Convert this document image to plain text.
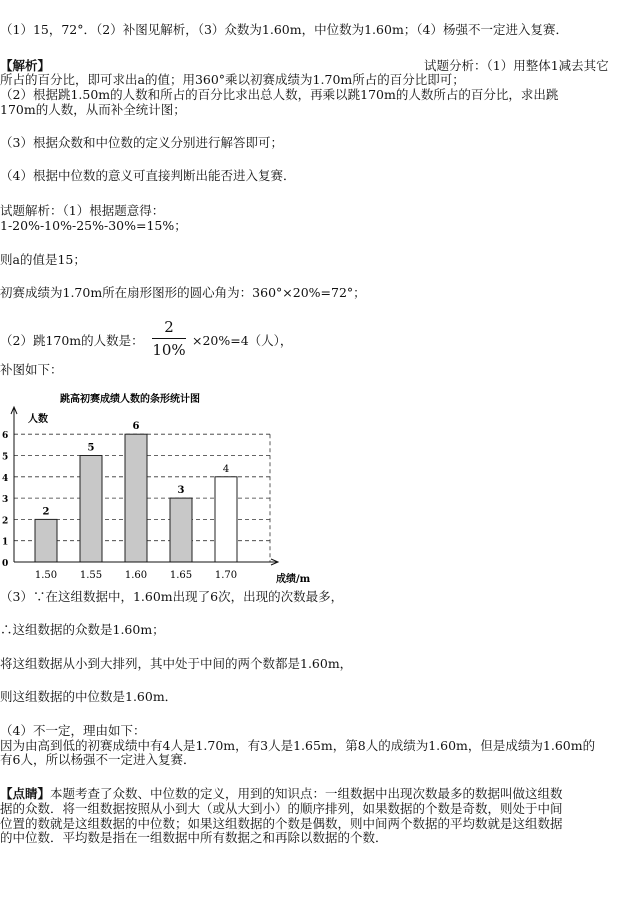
（1）15，72°．（2）补图见解析，（3）众数为1.60m，中位数为1.60m；（4）杨强不一定进入复赛．
【解析】	试题分析：（1）用整体1减去其它
所占的百分比，即可求出a的值；用360°乘以初赛成绩为1.70m所占的百分比即可；
（2）根据跳1.50m的人数和所占的百分比求出总人数，再乘以跳170m的人数所占的百分比，求出跳
170m的人数，从而补全统计图；
（3）根据众数和中位数的定义分别进行解答即可；
（4）根据中位数的意义可直接判断出能否进入复赛．
试题解析：（1）根据题意得：
1-20%-10%-25%-30%=15%；
则a的值是15；
初赛成绩为1.70m所在扇形图形的圆心角为：360°×20%=72°；
（2）跳170m的人数是：
2
10%
×20%=4（人），
补图如下：
跳高初赛成绩人数的条形统计图
人数
0
1
2
3
4
5
6
1.50 1.55 1.60 1.65 1.70
2
5
6
3
4
成绩/m
（3）∵在这组数据中，1.60m出现了6次，出现的次数最多，
∴这组数据的众数是1.60m；
将这组数据从小到大排列，其中处于中间的两个数都是1.60m，
则这组数据的中位数是1.60m．
（4）不一定，理由如下：
因为由高到低的初赛成绩中有4人是1.70m，有3人是1.65m，第8人的成绩为1.60m，但是成绩为1.60m的
有6人，所以杨强不一定进入复赛．
【点睛】本题考查了众数、中位数的定义，用到的知识点：一组数据中出现次数最多的数据叫做这组数
据的众数．将一组数据按照从小到大（或从大到小）的顺序排列，如果数据的个数是奇数，则处于中间
位置的数就是这组数据的中位数；如果这组数据的个数是偶数，则中间两个数据的平均数就是这组数据
的中位数．平均数是指在一组数据中所有数据之和再除以数据的个数．
